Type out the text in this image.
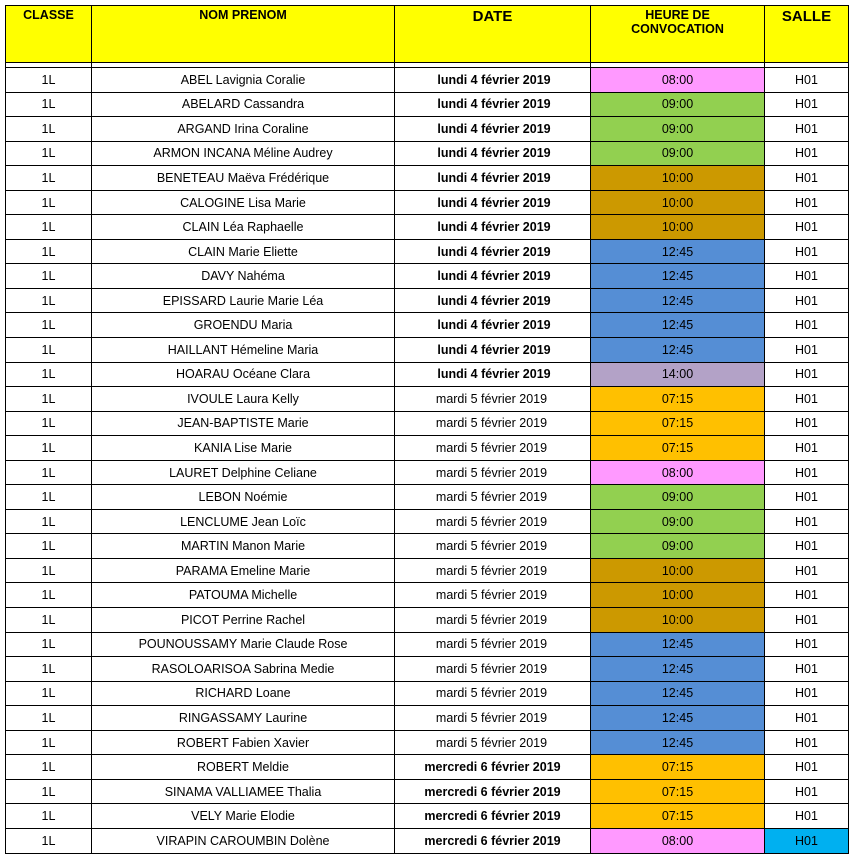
CLASSE	NOM PRENOM	DATE	HEURE DE
CONVOCATION	SALLE

1L	ABEL Lavignia Coralie	lundi 4 février 2019	08:00	H01
1L	ABELARD Cassandra	lundi 4 février 2019	09:00	H01
1L	ARGAND Irina Coraline	lundi 4 février 2019	09:00	H01
1L	ARMON INCANA Méline Audrey	lundi 4 février 2019	09:00	H01
1L	BENETEAU Maëva Frédérique	lundi 4 février 2019	10:00	H01
1L	CALOGINE Lisa Marie	lundi 4 février 2019	10:00	H01
1L	CLAIN Léa Raphaelle	lundi 4 février 2019	10:00	H01
1L	CLAIN Marie Eliette	lundi 4 février 2019	12:45	H01
1L	DAVY Nahéma	lundi 4 février 2019	12:45	H01
1L	EPISSARD Laurie Marie Léa	lundi 4 février 2019	12:45	H01
1L	GROENDU Maria	lundi 4 février 2019	12:45	H01
1L	HAILLANT Hémeline Maria	lundi 4 février 2019	12:45	H01
1L	HOARAU Océane Clara	lundi 4 février 2019	14:00	H01
1L	IVOULE Laura Kelly	mardi 5 février 2019	07:15	H01
1L	JEAN-BAPTISTE Marie	mardi 5 février 2019	07:15	H01
1L	KANIA Lise Marie	mardi 5 février 2019	07:15	H01
1L	LAURET Delphine Celiane	mardi 5 février 2019	08:00	H01
1L	LEBON Noémie	mardi 5 février 2019	09:00	H01
1L	LENCLUME Jean Loïc	mardi 5 février 2019	09:00	H01
1L	MARTIN Manon Marie	mardi 5 février 2019	09:00	H01
1L	PARAMA Emeline Marie	mardi 5 février 2019	10:00	H01
1L	PATOUMA Michelle	mardi 5 février 2019	10:00	H01
1L	PICOT Perrine Rachel	mardi 5 février 2019	10:00	H01
1L	POUNOUSSAMY Marie Claude Rose	mardi 5 février 2019	12:45	H01
1L	RASOLOARISOA Sabrina Medie	mardi 5 février 2019	12:45	H01
1L	RICHARD Loane	mardi 5 février 2019	12:45	H01
1L	RINGASSAMY Laurine	mardi 5 février 2019	12:45	H01
1L	ROBERT Fabien Xavier	mardi 5 février 2019	12:45	H01
1L	ROBERT Meldie	mercredi 6 février 2019	07:15	H01
1L	SINAMA VALLIAMEE Thalia	mercredi 6 février 2019	07:15	H01
1L	VELY Marie Elodie	mercredi 6 février 2019	07:15	H01
1L	VIRAPIN CAROUMBIN Dolène	mercredi 6 février 2019	08:00	H01
